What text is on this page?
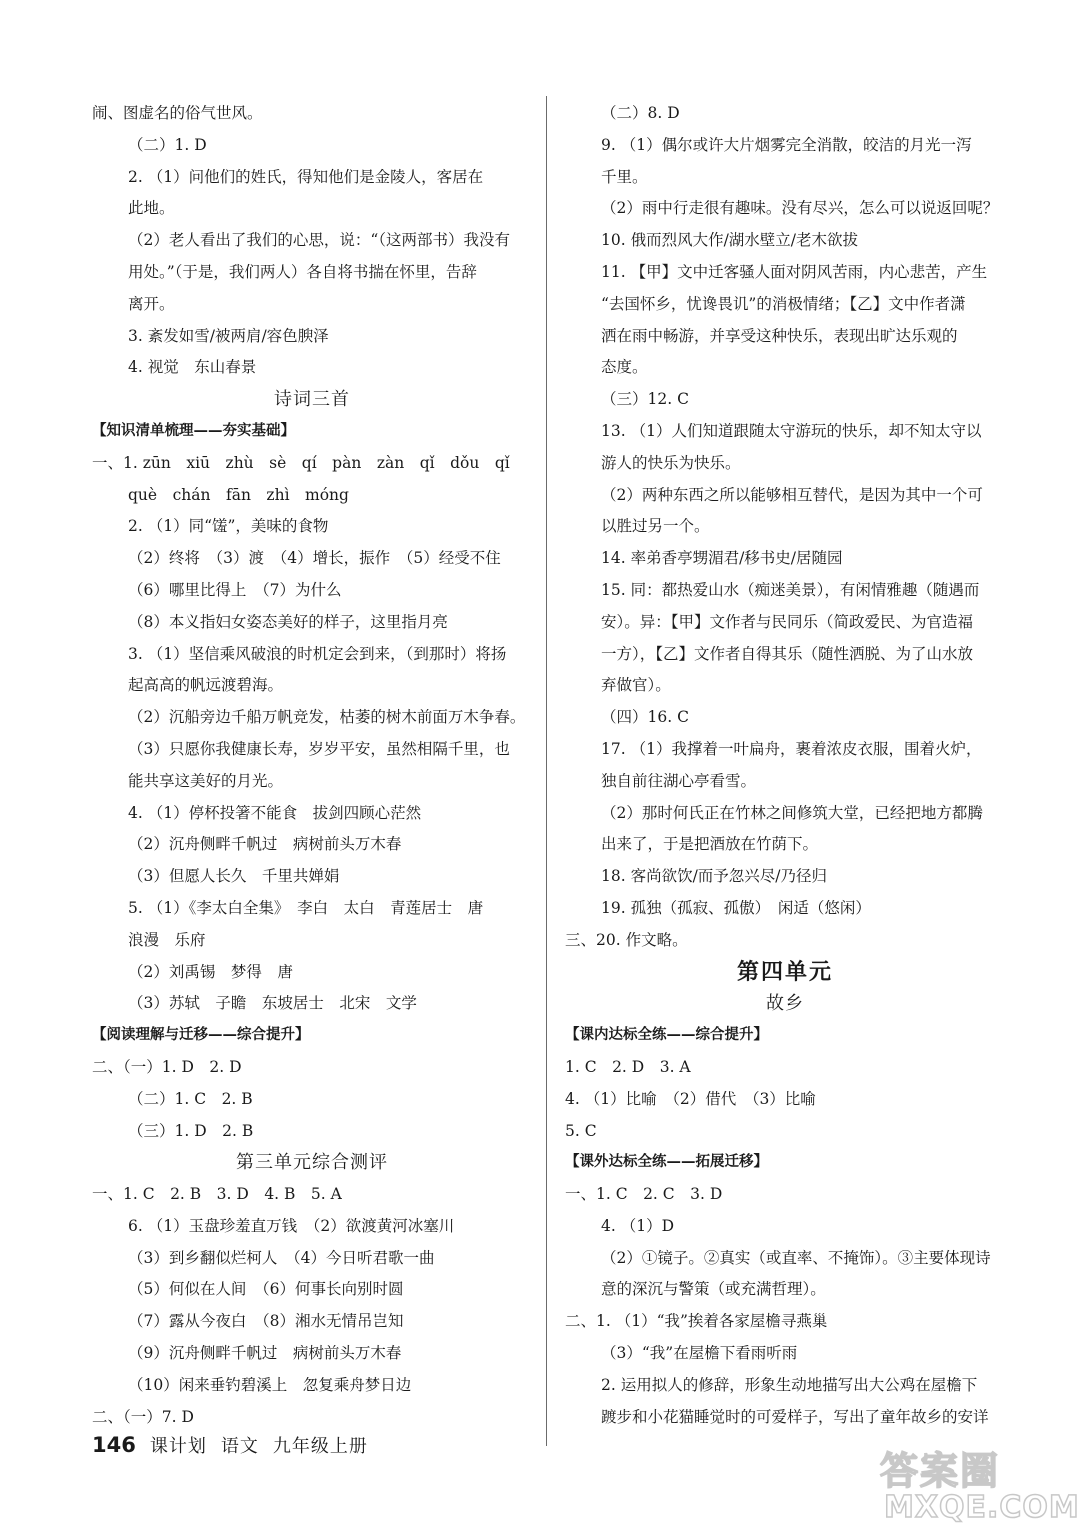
闹、图虚名的俗气世风。
（二）1. D
2. （1）问他们的姓氏，得知他们是金陵人，客居在
此地。
（2）老人看出了我们的心思，说：“（这两部书）我没有
用处。”（于是，我们两人）各自将书揣在怀里，告辞
离开。
3. 紊发如雪/被两肩/容色腴泽
4. 视觉　东山春景
诗词三首
【知识清单梳理——夯实基础】
一、1. zūn　xiū　zhù　sè　qí　pàn　zàn　qǐ　dǒu　qǐ
què　chán　fān　zhì　móng
2. （1）同“馐”，美味的食物
（2）终将　（3）渡　（4）增长，振作　（5）经受不住
（6）哪里比得上　（7）为什么
（8）本义指妇女姿态美好的样子，这里指月亮
3. （1）坚信乘风破浪的时机定会到来，（到那时）将扬
起高高的帆远渡碧海。
（2）沉船旁边千船万帆竞发，枯萎的树木前面万木争春。
（3）只愿你我健康长寿，岁岁平安，虽然相隔千里，也
能共享这美好的月光。
4. （1）停杯投箸不能食　拔剑四顾心茫然
（2）沉舟侧畔千帆过　病树前头万木春
（3）但愿人长久　千里共婵娟
5. （1）《李太白全集》　李白　太白　青莲居士　唐
浪漫　乐府
（2）刘禹锡　梦得　唐
（3）苏轼　子瞻　东坡居士　北宋　文学
【阅读理解与迁移——综合提升】
二、（一）1. D　2. D
（二）1. C　2. B
（三）1. D　2. B
第三单元综合测评
一、1. C　2. B　3. D　4. B　5. A
6. （1）玉盘珍羞直万钱　（2）欲渡黄河冰塞川
（3）到乡翻似烂柯人　（4）今日听君歌一曲
（5）何似在人间　（6）何事长向别时圆
（7）露从今夜白　（8）湘水无情吊岂知
（9）沉舟侧畔千帆过　病树前头万木春
（10）闲来垂钓碧溪上　忽复乘舟梦日边
二、（一）7. D
（二）8. D
9. （1）偶尔或许大片烟雾完全消散，皎洁的月光一泻
千里。
（2）雨中行走很有趣味。没有尽兴，怎么可以说返回呢？
10. 俄而烈风大作/湖水壁立/老木欲拔
11. 【甲】文中迁客骚人面对阴风苦雨，内心悲苦，产生
“去国怀乡，忧谗畏讥”的消极情绪；【乙】文中作者潇
洒在雨中畅游，并享受这种快乐，表现出旷达乐观的
态度。
（三）12. C
13. （1）人们知道跟随太守游玩的快乐，却不知太守以
游人的快乐为快乐。
（2）两种东西之所以能够相互替代，是因为其中一个可
以胜过另一个。
14. 率弟香亭甥湄君/移书史/居随园
15. 同：都热爱山水（痴迷美景），有闲情雅趣（随遇而
安）。异：【甲】文作者与民同乐（简政爱民、为官造福
一方），【乙】文作者自得其乐（随性洒脱、为了山水放
弃做官）。
（四）16. C
17. （1）我撑着一叶扁舟，裹着浓皮衣服，围着火炉，
独自前往湖心亭看雪。
（2）那时何氏正在竹林之间修筑大堂，已经把地方都腾
出来了，于是把酒放在竹荫下。
18. 客尚欲饮/而予忽兴尽/乃径归
19. 孤独（孤寂、孤傲）　闲适（悠闲）
三、20. 作文略。
第四单元
故乡
【课内达标全练——综合提升】
1. C　2. D　3. A
4. （1）比喻　（2）借代　（3）比喻
5. C
【课外达标全练——拓展迁移】
一、1. C　2. C　3. D
4. （1）D
（2）①镜子。②真实（或直率、不掩饰）。③主要体现诗
意的深沉与警策（或充满哲理）。
二、1. （1）“我”挨着各家屋檐寻燕巢
（3）“我”在屋檐下看雨听雨
2. 运用拟人的修辞，形象生动地描写出大公鸡在屋檐下
踱步和小花猫睡觉时的可爱样子，写出了童年故乡的安详
146 课计划 语文 九年级上册
答案圈
MXQE.COM
